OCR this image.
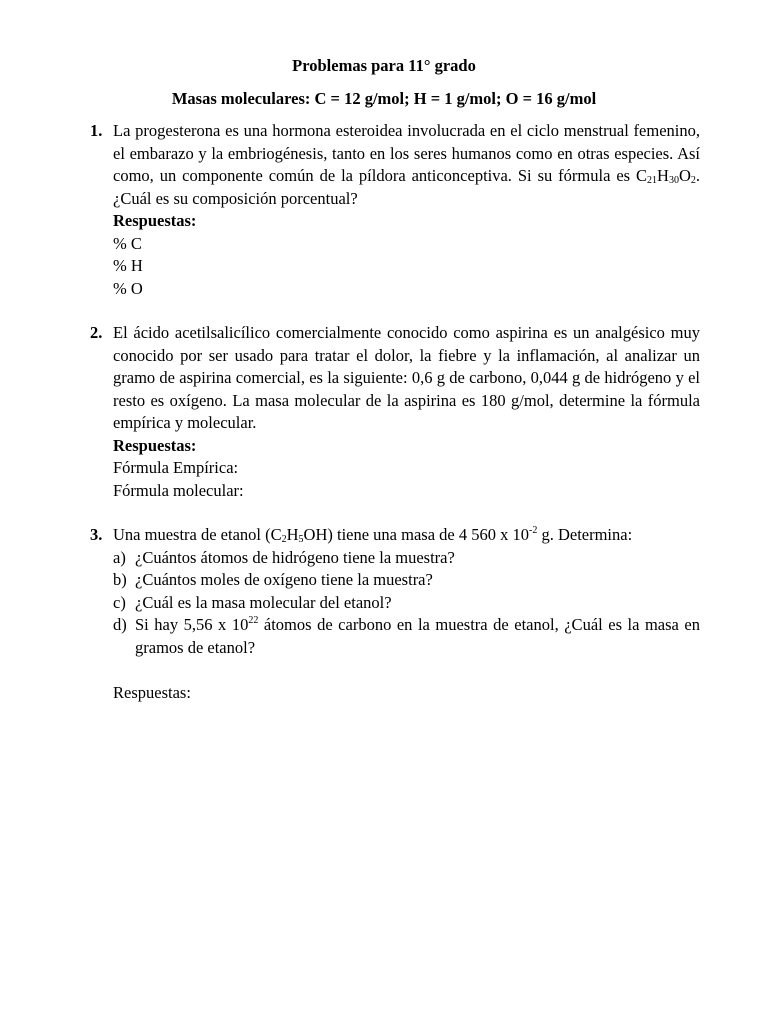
Problemas para 11° grado

Masas moleculares: C = 12 g/mol; H = 1 g/mol; O = 16 g/mol

1. La progesterona es una hormona esteroidea involucrada en el ciclo menstrual femenino, el embarazo y la embriogénesis, tanto en los seres humanos como en otras especies. Así como, un componente común de la píldora anticonceptiva. Si su fórmula es $C_{21}H_{30}O_2$. ¿Cuál es su composición porcentual?

Respuestas:

% C

% H

% O

2. El ácido acetilsalicílico comercialmente conocido como aspirina es un analgésico muy conocido por ser usado para tratar el dolor, la fiebre y la inflamación, al analizar un gramo de aspirina comercial, es la siguiente: 0,6 g de carbono, 0,044 g de hidrógeno y el resto es oxígeno. La masa molecular de la aspirina es 180 g/mol, determine la fórmula empírica y molecular.

Respuestas:

Fórmula Empírica:

Fórmula molecular:

3. Una muestra de etanol $(C_2H_5OH)$ tiene una masa de 4 560 x $10^{-2}$ g. Determina:

a) ¿Cuántos átomos de hidrógeno tiene la muestra?
b) ¿Cuántos moles de oxígeno tiene la muestra?
c) ¿Cuál es la masa molecular del etanol?
d) Si hay 5,56 x $10^{22}$ átomos de carbono en la muestra de etanol, ¿Cuál es la masa en gramos de etanol?

Respuestas:
